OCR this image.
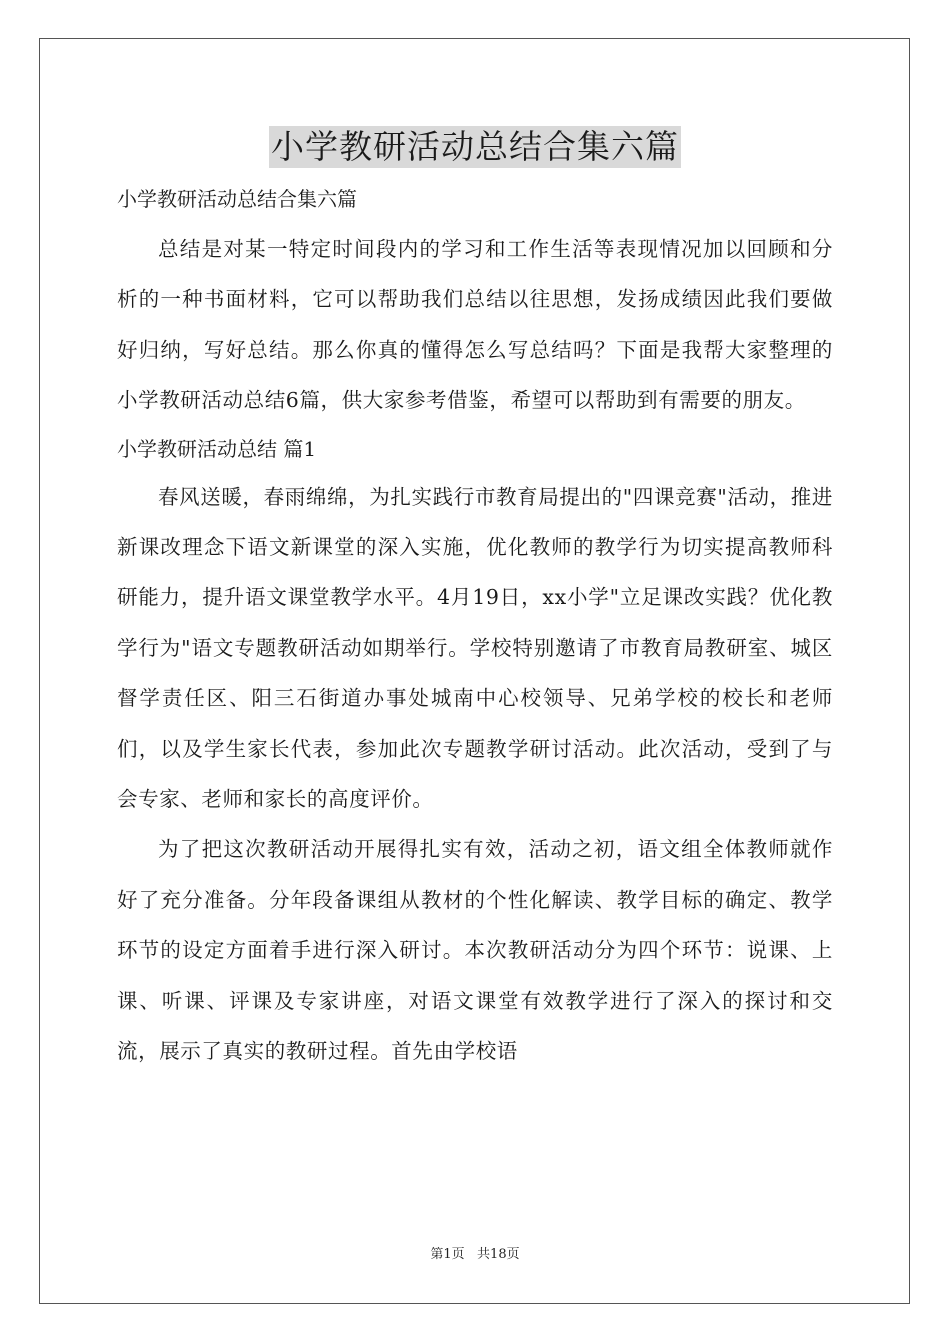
小学教研活动总结合集六篇

小学教研活动总结合集六篇

总结是对某一特定时间段内的学习和工作生活等表现情况加以回顾和分析的一种书面材料，它可以帮助我们总结以往思想，发扬成绩因此我们要做好归纳，写好总结。那么你真的懂得怎么写总结吗？下面是我帮大家整理的小学教研活动总结6篇，供大家参考借鉴，希望可以帮助到有需要的朋友。

小学教研活动总结 篇1

春风送暖，春雨绵绵，为扎实践行市教育局提出的"四课竞赛"活动，推进新课改理念下语文新课堂的深入实施，优化教师的教学行为切实提高教师科研能力，提升语文课堂教学水平。4月19日，xx小学"立足课改实践？优化教学行为"语文专题教研活动如期举行。学校特别邀请了市教育局教研室、城区督学责任区、阳三石街道办事处城南中心校领导、兄弟学校的校长和老师们，以及学生家长代表，参加此次专题教学研讨活动。此次活动，受到了与会专家、老师和家长的高度评价。

为了把这次教研活动开展得扎实有效，活动之初，语文组全体教师就作好了充分准备。分年段备课组从教材的个性化解读、教学目标的确定、教学环节的设定方面着手进行深入研讨。本次教研活动分为四个环节：说课、上课、听课、评课及专家讲座，对语文课堂有效教学进行了深入的探讨和交流，展示了真实的教研过程。首先由学校语

第1页   共18页
